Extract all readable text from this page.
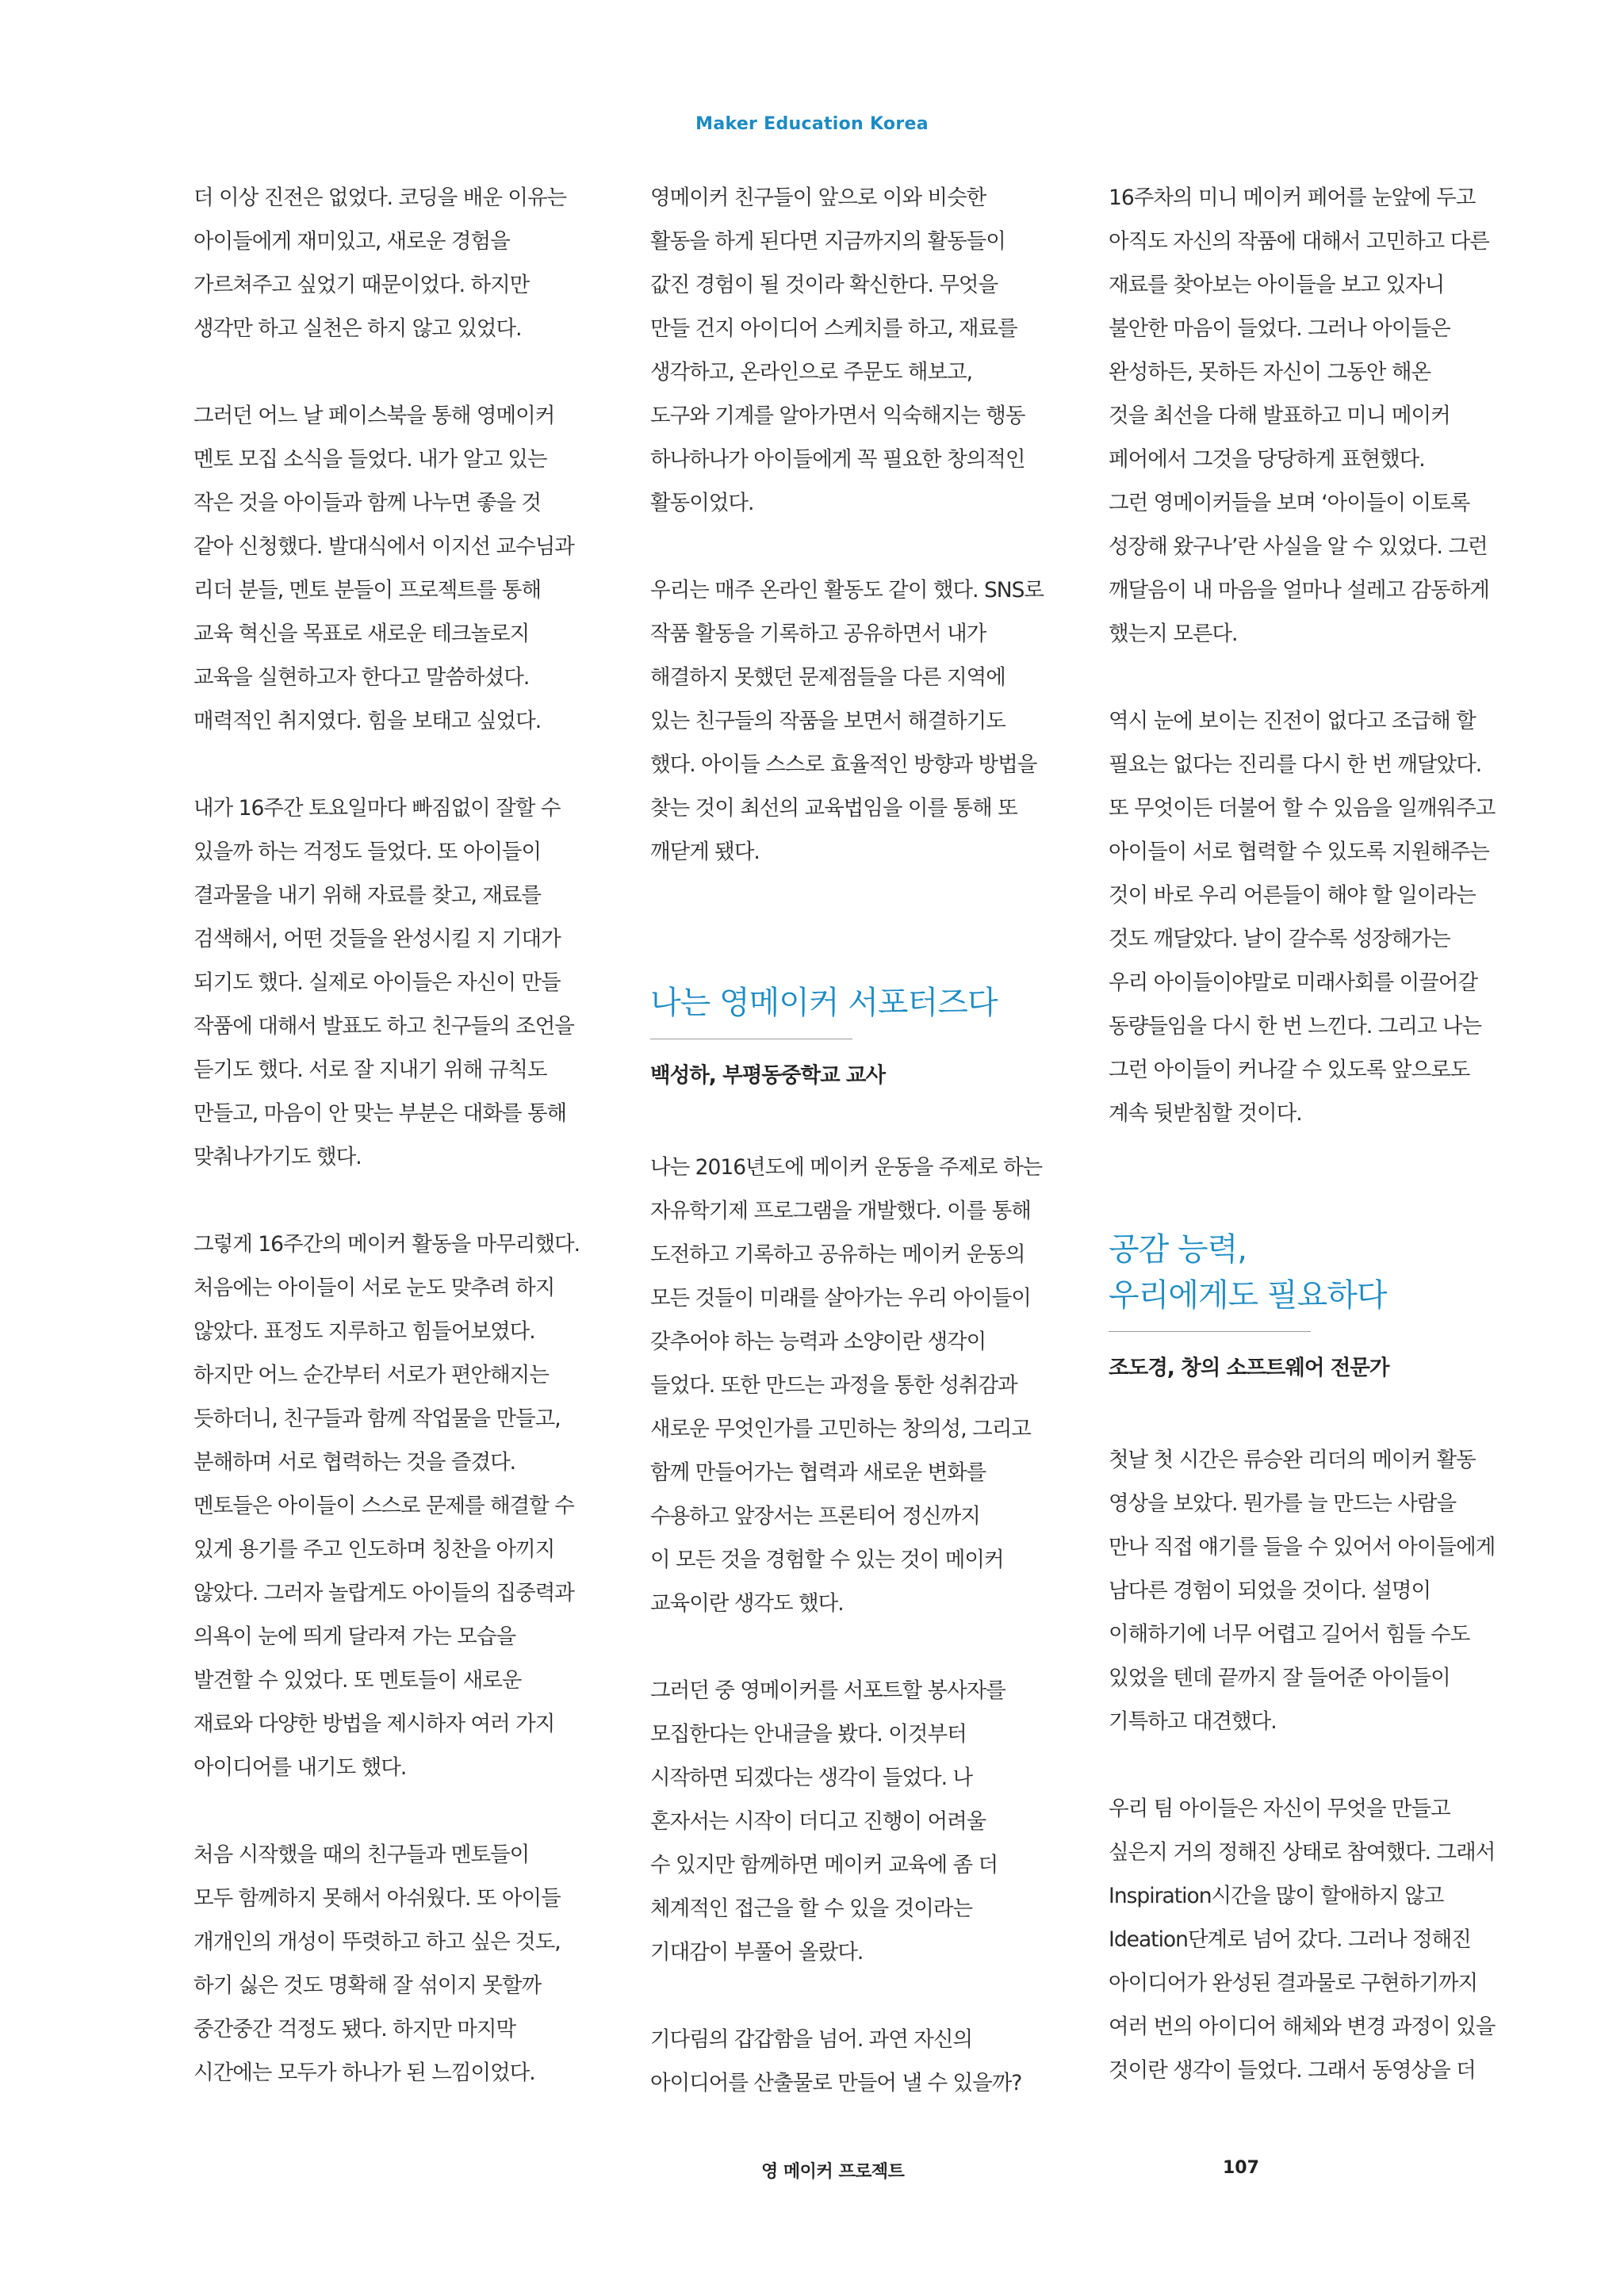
Maker Education Korea

더 이상 진전은 없었다. 코딩을 배운 이유는
아이들에게 재미있고, 새로운 경험을
가르쳐주고 싶었기 때문이었다. 하지만
생각만 하고 실천은 하지 않고 있었다.

그러던 어느 날 페이스북을 통해 영메이커
멘토 모집 소식을 들었다. 내가 알고 있는
작은 것을 아이들과 함께 나누면 좋을 것
같아 신청했다. 발대식에서 이지선 교수님과
리더 분들, 멘토 분들이 프로젝트를 통해
교육 혁신을 목표로 새로운 테크놀로지
교육을 실현하고자 한다고 말씀하셨다.
매력적인 취지였다. 힘을 보태고 싶었다.

내가 16주간 토요일마다 빠짐없이 잘할 수
있을까 하는 걱정도 들었다. 또 아이들이
결과물을 내기 위해 자료를 찾고, 재료를
검색해서, 어떤 것들을 완성시킬 지 기대가
되기도 했다. 실제로 아이들은 자신이 만들
작품에 대해서 발표도 하고 친구들의 조언을
듣기도 했다. 서로 잘 지내기 위해 규칙도
만들고, 마음이 안 맞는 부분은 대화를 통해
맞춰나가기도 했다.

그렇게 16주간의 메이커 활동을 마무리했다.
처음에는 아이들이 서로 눈도 맞추려 하지
않았다. 표정도 지루하고 힘들어보였다.
하지만 어느 순간부터 서로가 편안해지는
듯하더니, 친구들과 함께 작업물을 만들고,
분해하며 서로 협력하는 것을 즐겼다.
멘토들은 아이들이 스스로 문제를 해결할 수
있게 용기를 주고 인도하며 칭찬을 아끼지
않았다. 그러자 놀랍게도 아이들의 집중력과
의욕이 눈에 띄게 달라져 가는 모습을
발견할 수 있었다. 또 멘토들이 새로운
재료와 다양한 방법을 제시하자 여러 가지
아이디어를 내기도 했다.

처음 시작했을 때의 친구들과 멘토들이
모두 함께하지 못해서 아쉬웠다. 또 아이들
개개인의 개성이 뚜렷하고 하고 싶은 것도,
하기 싫은 것도 명확해 잘 섞이지 못할까
중간중간 걱정도 됐다. 하지만 마지막
시간에는 모두가 하나가 된 느낌이었다.

영메이커 친구들이 앞으로 이와 비슷한
활동을 하게 된다면 지금까지의 활동들이
값진 경험이 될 것이라 확신한다. 무엇을
만들 건지 아이디어 스케치를 하고, 재료를
생각하고, 온라인으로 주문도 해보고,
도구와 기계를 알아가면서 익숙해지는 행동
하나하나가 아이들에게 꼭 필요한 창의적인
활동이었다.

우리는 매주 온라인 활동도 같이 했다. SNS로
작품 활동을 기록하고 공유하면서 내가
해결하지 못했던 문제점들을 다른 지역에
있는 친구들의 작품을 보면서 해결하기도
했다. 아이들 스스로 효율적인 방향과 방법을
찾는 것이 최선의 교육법임을 이를 통해 또
깨닫게 됐다.

나는 영메이커 서포터즈다
백성하, 부평동중학교 교사

나는 2016년도에 메이커 운동을 주제로 하는
자유학기제 프로그램을 개발했다. 이를 통해
도전하고 기록하고 공유하는 메이커 운동의
모든 것들이 미래를 살아가는 우리 아이들이
갖추어야 하는 능력과 소양이란 생각이
들었다. 또한 만드는 과정을 통한 성취감과
새로운 무엇인가를 고민하는 창의성, 그리고
함께 만들어가는 협력과 새로운 변화를
수용하고 앞장서는 프론티어 정신까지
이 모든 것을 경험할 수 있는 것이 메이커
교육이란 생각도 했다.

그러던 중 영메이커를 서포트할 봉사자를
모집한다는 안내글을 봤다. 이것부터
시작하면 되겠다는 생각이 들었다. 나
혼자서는 시작이 더디고 진행이 어려울
수 있지만 함께하면 메이커 교육에 좀 더
체계적인 접근을 할 수 있을 것이라는
기대감이 부풀어 올랐다.

기다림의 갑갑함을 넘어. 과연 자신의
아이디어를 산출물로 만들어 낼 수 있을까?

16주차의 미니 메이커 페어를 눈앞에 두고
아직도 자신의 작품에 대해서 고민하고 다른
재료를 찾아보는 아이들을 보고 있자니
불안한 마음이 들었다. 그러나 아이들은
완성하든, 못하든 자신이 그동안 해온
것을 최선을 다해 발표하고 미니 메이커
페어에서 그것을 당당하게 표현했다.
그런 영메이커들을 보며 ‘아이들이 이토록
성장해 왔구나’란 사실을 알 수 있었다. 그런
깨달음이 내 마음을 얼마나 설레고 감동하게
했는지 모른다.

역시 눈에 보이는 진전이 없다고 조급해 할
필요는 없다는 진리를 다시 한 번 깨달았다.
또 무엇이든 더불어 할 수 있음을 일깨워주고
아이들이 서로 협력할 수 있도록 지원해주는
것이 바로 우리 어른들이 해야 할 일이라는
것도 깨달았다. 날이 갈수록 성장해가는
우리 아이들이야말로 미래사회를 이끌어갈
동량들임을 다시 한 번 느낀다. 그리고 나는
그런 아이들이 커나갈 수 있도록 앞으로도
계속 뒷받침할 것이다.

공감 능력,
우리에게도 필요하다
조도경, 창의 소프트웨어 전문가

첫날 첫 시간은 류승완 리더의 메이커 활동
영상을 보았다. 뭔가를 늘 만드는 사람을
만나 직접 얘기를 들을 수 있어서 아이들에게
남다른 경험이 되었을 것이다. 설명이
이해하기에 너무 어렵고 길어서 힘들 수도
있었을 텐데 끝까지 잘 들어준 아이들이
기특하고 대견했다.

우리 팀 아이들은 자신이 무엇을 만들고
싶은지 거의 정해진 상태로 참여했다. 그래서
Inspiration시간을 많이 할애하지 않고
Ideation단계로 넘어 갔다. 그러나 정해진
아이디어가 완성된 결과물로 구현하기까지
여러 번의 아이디어 해체와 변경 과정이 있을
것이란 생각이 들었다. 그래서 동영상을 더

영 메이커 프로젝트	107
